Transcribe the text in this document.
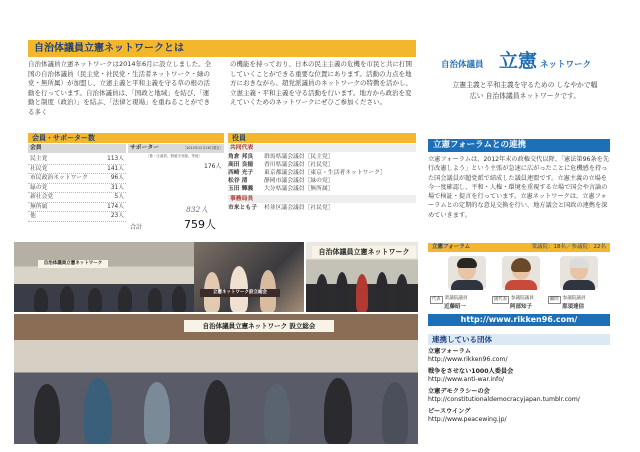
自治体議員立憲ネットワークとは
自治体議員立憲ネットワークは2014年6月に設立しました。全国の自治体議員（民主党・社民党・生活者ネットワーク・緑の党・無所属）が加盟し、立憲主義と平和主義を守る草の根の活動を行っています。自治体議員は、「国政と地域」を結び、「運動と制度（政治）」を結ぶ、「法律と現場」を重ねることができる多く
の機能を持っており、日本の民主主義の危機を市民と共に打開していくことができる重要な位置にあります。活動の力点を地方におきながら、超党派議員のネットワークの特徴を活かし、立憲主義・平和主義を守る活動を行います。地方から政治を変えていくためのネットワークにぜひご参加ください。
会員・サポーター数
会員	サポーター	［2015年12月16日現在］
民主党	113人
社民党	141人
市民政治ネットワーク	96人
緑の党	31人
新社会党	5人
無所属	174人
他	23人
［都・区議員、無確手登録、等地］
176人
832人
合計	759人
役員
共同代表
角倉 邦良	群馬県議会議員［民主党］
高田 良徳	香川県議会議員［社民党］
西崎 光子	東京都議会議員［東京・生活者ネットワーク］
松谷 清	静岡市議会議員［緑の党］
玉田 輝義	大分県議会議員［無所属］
事務局長
市来とも子	杉並区議会議員［社民党］
自治体議員立憲ネットワーク
立憲ネットワーク設立総会
自治体議員立憲ネットワーク
自治体議員立憲ネットワーク 設立総会
自治体議員 立憲 ネットワーク
立憲主義と平和主義を守るための しなやかで幅広い 自治体議員ネットワークです。
立憲フォーラムとの連携
立憲フォーラムは、2012年末の政権交代以降、「憲法第96条を先行改憲しよう」という主張が急速に広がったことに危機感を持った国会議員が超党派で結成した議員連盟です。立憲主義の立場を今一度確認し、平和・人権・環境を重視する立場で国会や言論の場で検証・提言を行っています。立憲ネットワークは、立憲フォーラムとの定期的な意見交換を行い、地方議会と国政の連携を深めていきます。
立憲フォーラム	衆議院：18名／参議院：22名
代表 衆議院議員
近藤昭一
副代表 参議院議員
阿部知子
顧問 参議院議員
那須達信
http://www.rikken96.com/
連携している団体
立憲フォーラム
http://www.rikken96.com/
戦争をさせない1000人委員会
http://www.anti-war.info/
立憲デモクラシーの会
http://constitutionaldemocracyjapan.tumblr.com/
ピースウイング
http://www.peacewing.jp/
